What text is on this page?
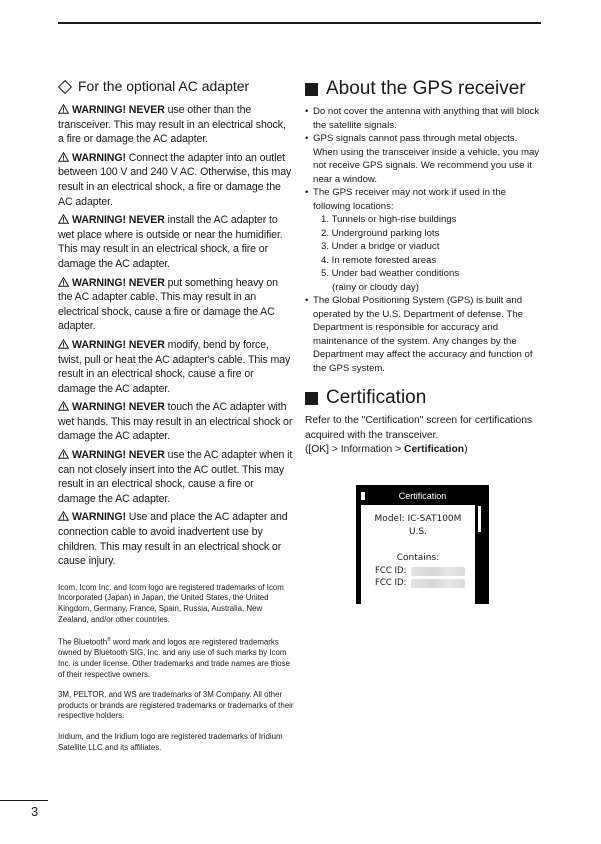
For the optional AC adapter

WARNING! NEVER use other than the transceiver. This may result in an electrical shock, a fire or damage the AC adapter.

WARNING! Connect the adapter into an outlet between 100 V and 240 V AC. Otherwise, this may result in an electrical shock, a fire or damage the AC adapter.

WARNING! NEVER install the AC adapter to wet place where is outside or near the humidifier. This may result in an electrical shock, a fire or damage the AC adapter.

WARNING! NEVER put something heavy on the AC adapter cable. This may result in an electrical shock, cause a fire or damage the AC adapter.

WARNING! NEVER modify, bend by force, twist, pull or heat the AC adapter's cable. This may result in an electrical shock, cause a fire or damage the AC adapter.

WARNING! NEVER touch the AC adapter with wet hands. This may result in an electrical shock or damage the AC adapter.

WARNING! NEVER use the AC adapter when it can not closely insert into the AC outlet. This may result in an electrical shock, cause a fire or damage the AC adapter.

WARNING! Use and place the AC adapter and connection cable to avoid inadvertent use by children. This may result in an electrical shock or cause injury.

Icom, Icom Inc. and Icom logo are registered trademarks of Icom Incorporated (Japan) in Japan, the United States, the United Kingdom, Germany, France, Spain, Russia, Australia, New Zealand, and/or other countries.

The Bluetooth® word mark and logos are registered trademarks owned by Bluetooth SIG, Inc. and any use of such marks by Icom Inc. is under license. Other trademarks and trade names are those of their respective owners.

3M, PELTOR, and WS are trademarks of 3M Company. All other products or brands are registered trademarks or trademarks of their respective holders.

Iridium, and the Iridium logo are registered trademarks of Iridium Satellite LLC and its affiliates.

About the GPS receiver
• Do not cover the antenna with anything that will block the satellite signals.
• GPS signals cannot pass through metal objects. When using the transceiver inside a vehicle, you may not receive GPS signals. We recommend you use it near a window.
• The GPS receiver may not work if used in the following locations:
1. Tunnels or high-rise buildings
2. Underground parking lots
3. Under a bridge or viaduct
4. In remote forested areas
5. Under bad weather conditions
(rainy or cloudy day)
• The Global Positioning System (GPS) is built and operated by the U.S. Department of defense. The Department is responsible for accuracy and maintenance of the system. Any changes by the Department may affect the accuracy and function of the GPS system.
Certification

Refer to the "Certification" screen for certifications acquired with the transceiver.
([OK] > Information > Certification)

Certification
Model: IC-SAT100M
U.S.
Contains:
FCC ID:
FCC ID:
3
